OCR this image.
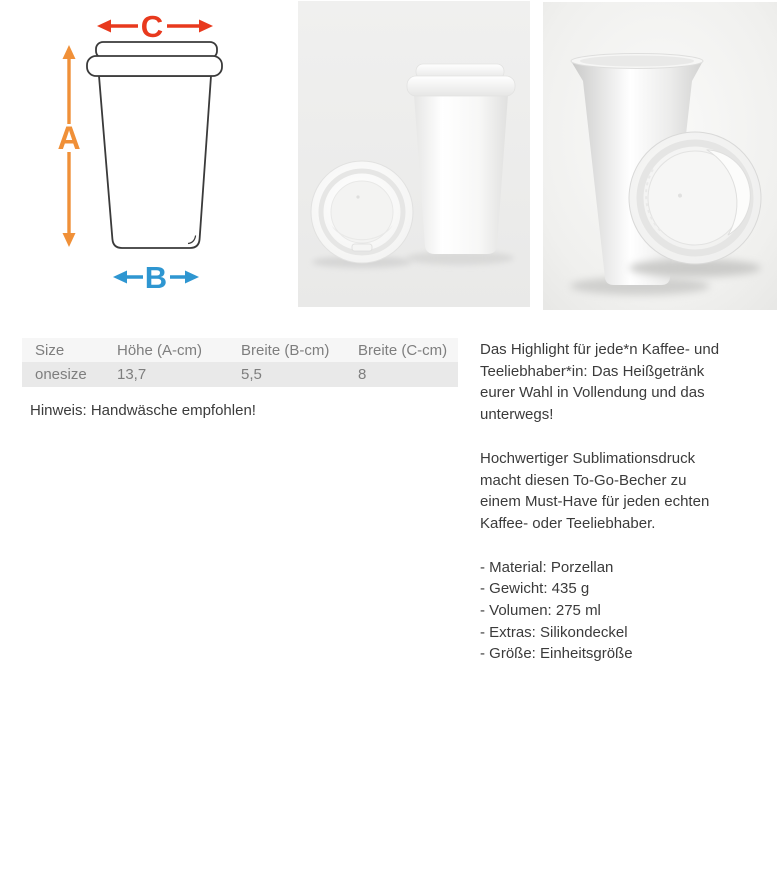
C
A
B
Size	Höhe (A-cm)	Breite (B-cm)	Breite (C-cm)
onesize	13,7	5,5	8

Hinweis: Handwäsche empfohlen!

Das Highlight für jede*n Kaffee- und
Teeliebhaber*in: Das Heißgetränk
eurer Wahl in Vollendung und das
unterwegs!
Hochwertiger Sublimationsdruck
macht diesen To-Go-Becher zu
einem Must-Have für jeden echten
Kaffee- oder Teeliebhaber.
- Material: Porzellan
- Gewicht: 435 g
- Volumen: 275 ml
- Extras: Silikondeckel
- Größe: Einheitsgröße
